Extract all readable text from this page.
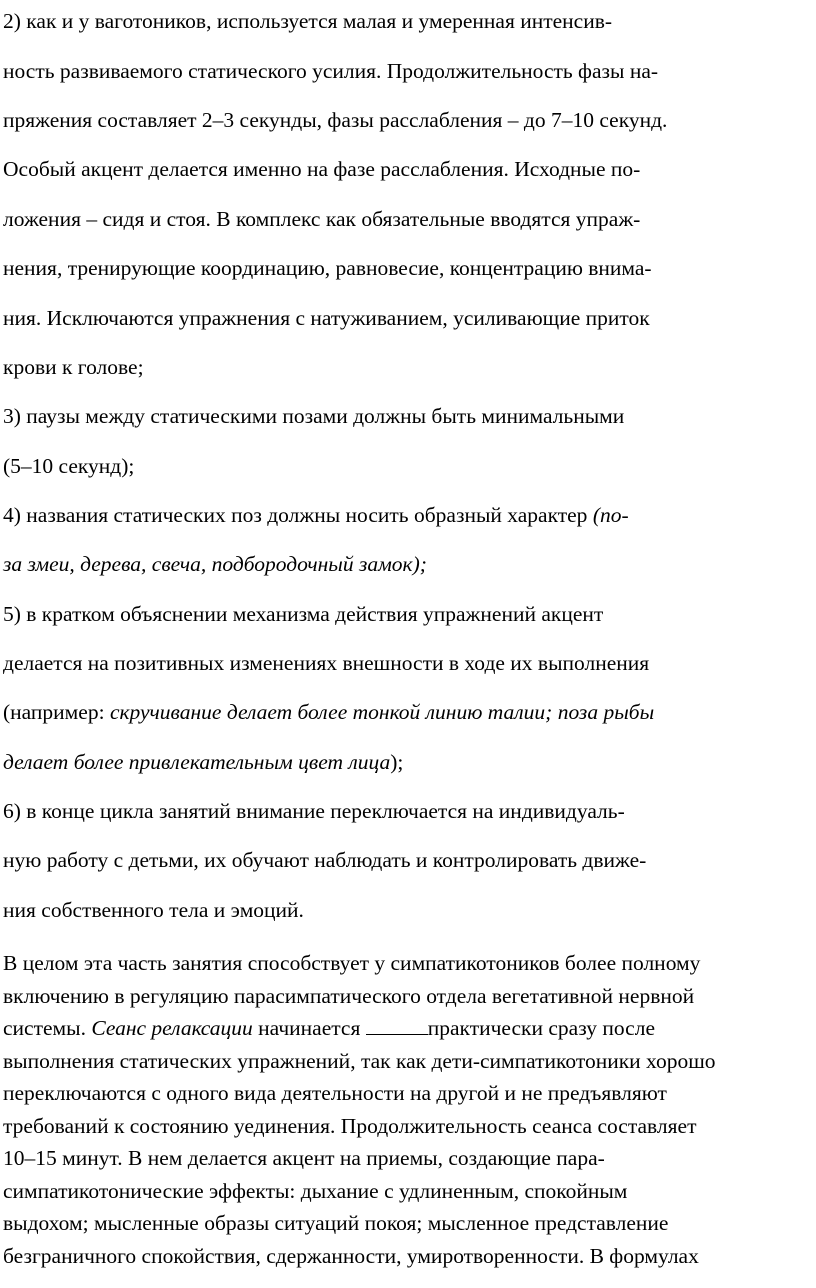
2) как и у ваготоников, используется малая и умеренная интенсив-
ность развиваемого статического усилия. Продолжительность фазы на-
пряжения составляет 2–3 секунды, фазы расслабления – до 7–10 секунд.
Особый акцент делается именно на фазе расслабления. Исходные по-
ложения – сидя и стоя. В комплекс как обязательные вводятся упраж-
нения, тренирующие координацию, равновесие, концентрацию внима-
ния. Исключаются упражнения с натуживанием, усиливающие приток
крови к голове;
3) паузы между статическими позами должны быть минимальными
(5–10 секунд);
4) названия статических поз должны носить образный характер (по-
за змеи, дерева, свеча, подбородочный замок);
5) в кратком объяснении механизма действия упражнений акцент
делается на позитивных изменениях внешности в ходе их выполнения
(например: скручивание делает более тонкой линию талии; поза рыбы
делает более привлекательным цвет лица);
6) в конце цикла занятий внимание переключается на индивидуаль-
ную работу с детьми, их обучают наблюдать и контролировать движе-
ния собственного тела и эмоций.
В целом эта часть занятия способствует у симпатикотоников более полному
включению в регуляцию парасимпатического отдела вегетативной нервной
системы. Сеанс релаксации начинается	практически сразу после
выполнения статических упражнений, так как дети-симпатикотоники хорошо
переключаются с одного вида деятельности на другой и не предъявляют
требований к состоянию уединения. Продолжительность сеанса составляет
10–15 минут. В нем делается акцент на приемы, создающие пара-
симпатикотонические эффекты: дыхание с удлиненным, спокойным
выдохом; мысленные образы ситуаций покоя; мысленное представление
безграничного спокойствия, сдержанности, умиротворенности. В формулах
